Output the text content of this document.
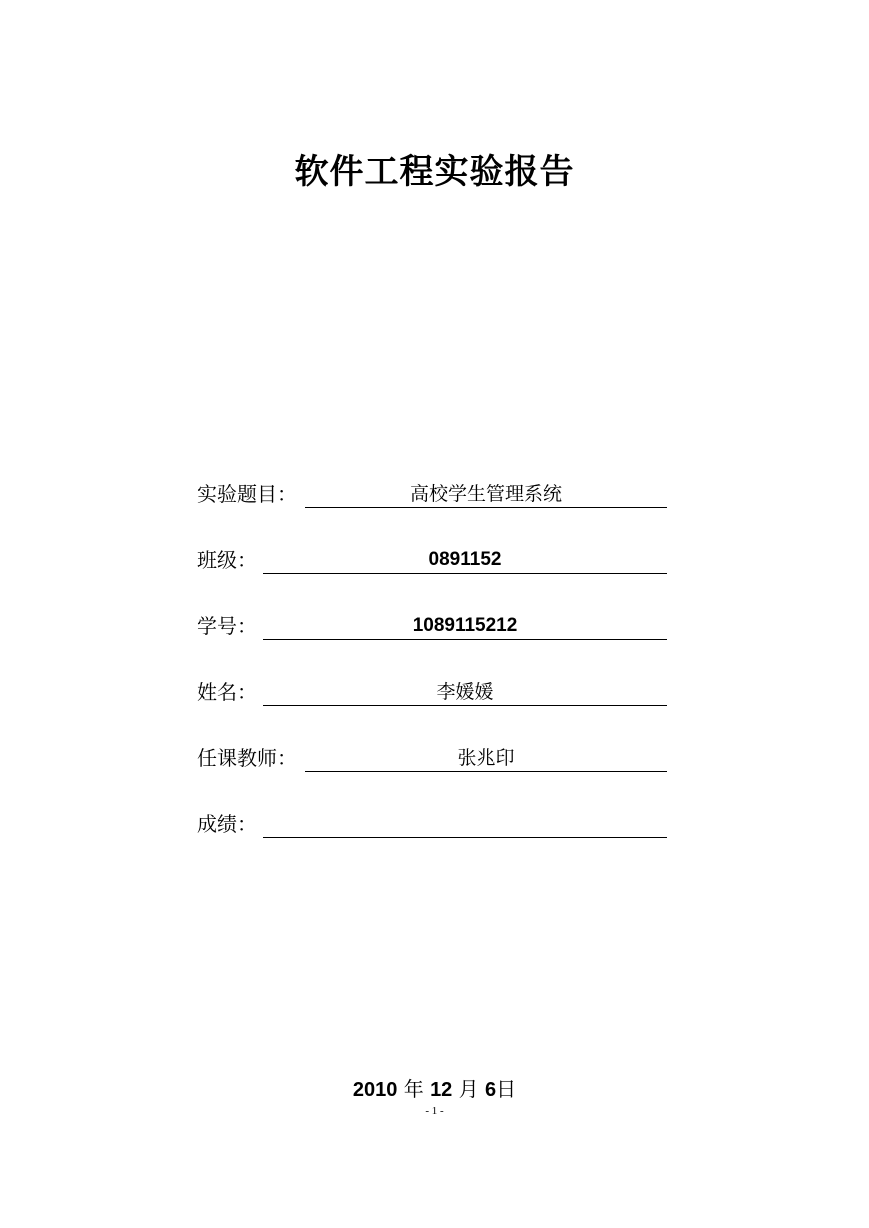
软件工程实验报告
实验题目：	高校学生管理系统
班级：	0891152
学号：	1089115212
姓名：	李媛媛
任课教师：	张兆印
成绩：
2010 年 12 月 6日
- 1 -
